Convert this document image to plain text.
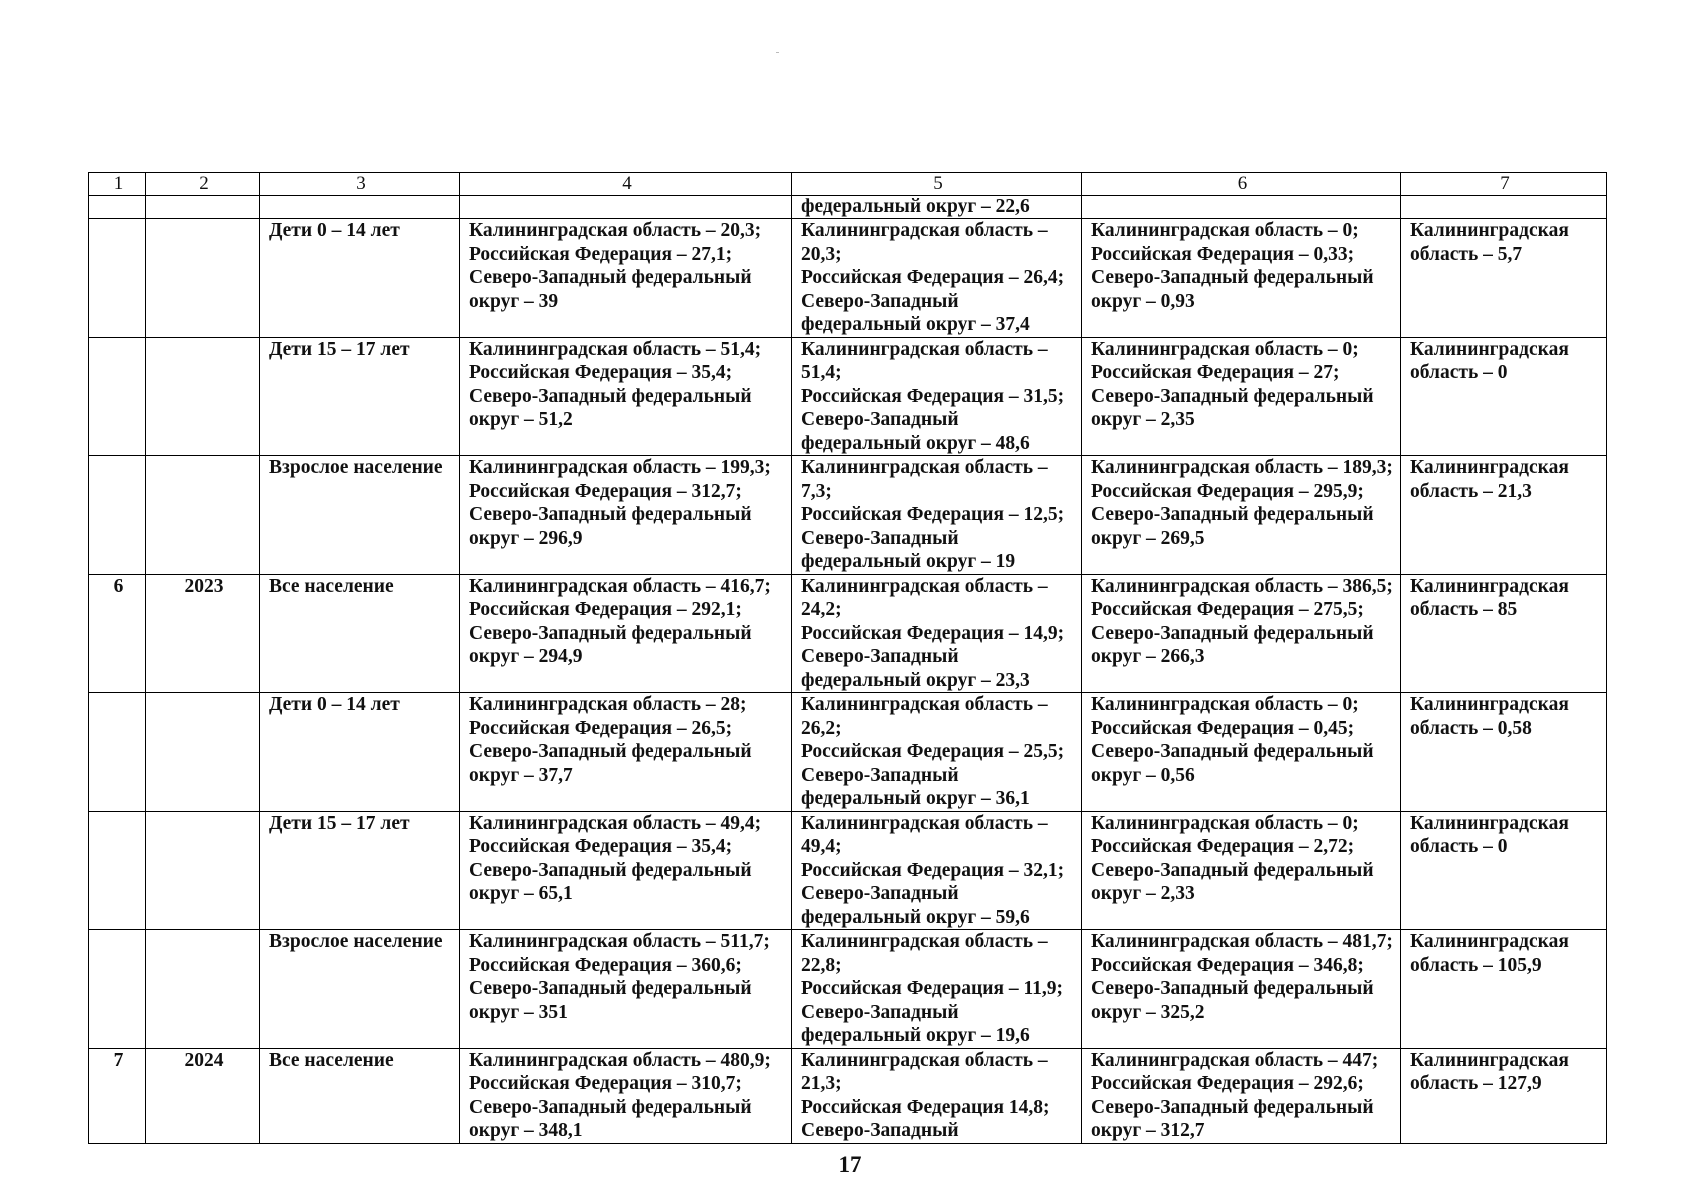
1	2	3	4	5	6	7
				федеральный округ – 22,6		
		Дети 0 – 14 лет	Калининградская область – 20,3;
Российская Федерация – 27,1;
Северо-Западный федеральный
округ – 39	Калининградская область –
20,3;
Российская Федерация – 26,4;
Северо-Западный
федеральный округ – 37,4	Калининградская область – 0;
Российская Федерация – 0,33;
Северо-Западный федеральный
округ – 0,93	Калининградская
область – 5,7
		Дети 15 – 17 лет	Калининградская область – 51,4;
Российская Федерация – 35,4;
Северо-Западный федеральный
округ – 51,2	Калининградская область –
51,4;
Российская Федерация – 31,5;
Северо-Западный
федеральный округ – 48,6	Калининградская область – 0;
Российская Федерация – 27;
Северо-Западный федеральный
округ – 2,35	Калининградская
область – 0
		Взрослое население	Калининградская область – 199,3;
Российская Федерация – 312,7;
Северо-Западный федеральный
округ – 296,9	Калининградская область –
7,3;
Российская Федерация – 12,5;
Северо-Западный
федеральный округ – 19	Калининградская область – 189,3;
Российская Федерация – 295,9;
Северо-Западный федеральный
округ – 269,5	Калининградская
область – 21,3
6	2023	Все население	Калининградская область – 416,7;
Российская Федерация – 292,1;
Северо-Западный федеральный
округ – 294,9	Калининградская область –
24,2;
Российская Федерация – 14,9;
Северо-Западный
федеральный округ – 23,3	Калининградская область – 386,5;
Российская Федерация – 275,5;
Северо-Западный федеральный
округ – 266,3	Калининградская
область – 85
		Дети 0 – 14 лет	Калининградская область – 28;
Российская Федерация – 26,5;
Северо-Западный федеральный
округ – 37,7	Калининградская область –
26,2;
Российская Федерация – 25,5;
Северо-Западный
федеральный округ – 36,1	Калининградская область – 0;
Российская Федерация – 0,45;
Северо-Западный федеральный
округ – 0,56	Калининградская
область – 0,58
		Дети 15 – 17 лет	Калининградская область – 49,4;
Российская Федерация – 35,4;
Северо-Западный федеральный
округ – 65,1	Калининградская область –
49,4;
Российская Федерация – 32,1;
Северо-Западный
федеральный округ – 59,6	Калининградская область – 0;
Российская Федерация – 2,72;
Северо-Западный федеральный
округ – 2,33	Калининградская
область – 0
		Взрослое население	Калининградская область – 511,7;
Российская Федерация – 360,6;
Северо-Западный федеральный
округ – 351	Калининградская область –
22,8;
Российская Федерация – 11,9;
Северо-Западный
федеральный округ – 19,6	Калининградская область – 481,7;
Российская Федерация – 346,8;
Северо-Западный федеральный
округ – 325,2	Калининградская
область – 105,9
7	2024	Все население	Калининградская область – 480,9;
Российская Федерация – 310,7;
Северо-Западный федеральный
округ – 348,1	Калининградская область –
21,3;
Российская Федерация 14,8;
Северо-Западный	Калининградская область – 447;
Российская Федерация – 292,6;
Северо-Западный федеральный
округ – 312,7	Калининградская
область – 127,9
17
